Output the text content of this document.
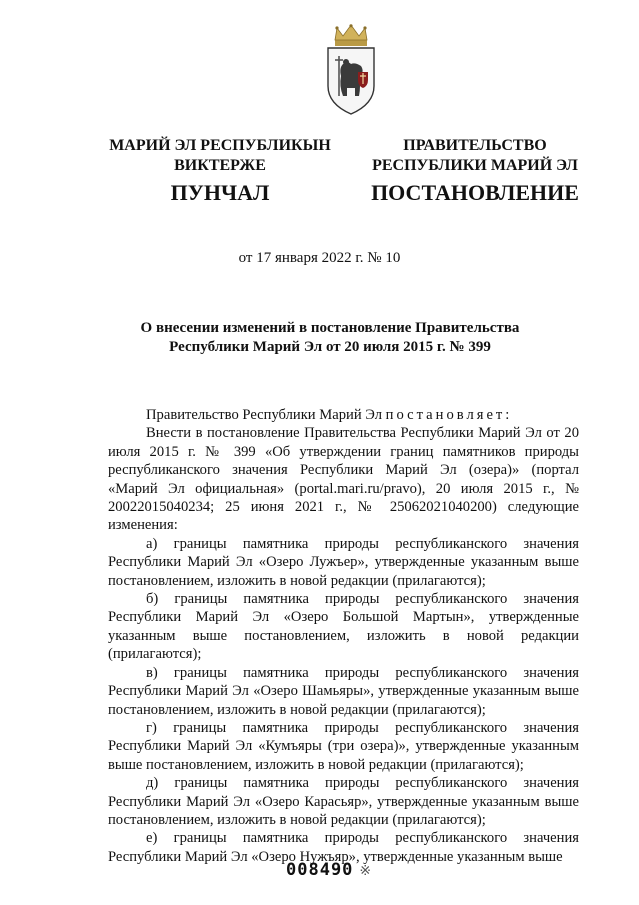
МАРИЙ ЭЛ РЕСПУБЛИКЫН
ВИКТЕРЖЕ
ПРАВИТЕЛЬСТВО
РЕСПУБЛИКИ МАРИЙ ЭЛ
ПУНЧАЛ	ПОСТАНОВЛЕНИЕ
от 17 января 2022 г. № 10
О внесении изменений в постановление Правительства
Республики Марий Эл от 20 июля 2015 г. № 399

Правительство Республики Марий Эл постановляет:

Внести в постановление Правительства Республики Марий Эл от 20 июля 2015 г. № 399 «Об утверждении границ памятников природы республиканского значения Республики Марий Эл (озера)» (портал «Марий Эл официальная» (portal.mari.ru/pravo), 20 июля 2015 г., № 20022015040234; 25 июня 2021 г., № 25062021040200) следующие изменения:

а) границы памятника природы республиканского значения Республики Марий Эл «Озеро Лужъер», утвержденные указанным выше постановлением, изложить в новой редакции (прилагаются);

б) границы памятника природы республиканского значения Республики Марий Эл «Озеро Большой Мартын», утвержденные указанным выше постановлением, изложить в новой редакции (прилагаются);

в) границы памятника природы республиканского значения Республики Марий Эл «Озеро Шамьяры», утвержденные указанным выше постановлением, изложить в новой редакции (прилагаются);

г) границы памятника природы республиканского значения Республики Марий Эл «Кумъяры (три озера)», утвержденные указанным выше постановлением, изложить в новой редакции (прилагаются);

д) границы памятника природы республиканского значения Республики Марий Эл «Озеро Карасьяр», утвержденные указанным выше постановлением, изложить в новой редакции (прилагаются);

е) границы памятника природы республиканского значения Республики Марий Эл «Озеро Нужъяр», утвержденные указанным выше

008490 ※
